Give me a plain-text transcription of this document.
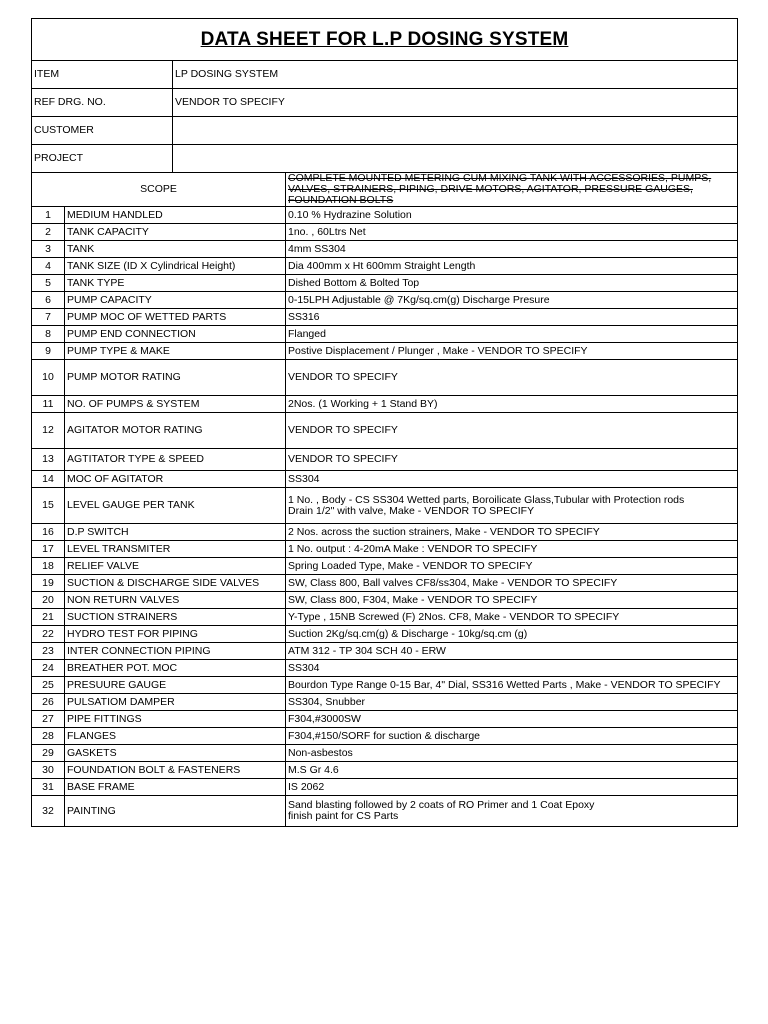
DATA SHEET FOR L.P DOSING SYSTEM			
ITEM		LP DOSING SYSTEM	
REF DRG. NO.		VENDOR TO SPECIFY	
CUSTOMER			
PROJECT			
SCOPE			COMPLETE MOUNTED METERING CUM MIXING TANK WITH ACCESSORIES, PUMPS, VALVES, STRAINERS, PIPING, DRIVE MOTORS, AGITATOR, PRESSURE GAUGES, FOUNDATION BOLTS
1	MEDIUM HANDLED		0.10 % Hydrazine Solution
2	TANK CAPACITY		1no. , 60Ltrs Net
3	TANK		4mm SS304
4	TANK SIZE (ID X Cylindrical Height)		Dia 400mm x Ht 600mm Straight Length
5	TANK TYPE		Dished Bottom & Bolted Top
6	PUMP CAPACITY		0-15LPH Adjustable @ 7Kg/sq.cm(g) Discharge Presure
7	PUMP MOC OF WETTED PARTS		SS316
8	PUMP END CONNECTION		Flanged
9	PUMP TYPE & MAKE		Postive Displacement / Plunger , Make - VENDOR TO SPECIFY
10	PUMP MOTOR RATING		VENDOR TO SPECIFY
11	NO. OF PUMPS & SYSTEM		2Nos. (1 Working + 1 Stand BY)
12	AGITATOR MOTOR RATING		VENDOR TO SPECIFY
13	AGTITATOR TYPE & SPEED		VENDOR TO SPECIFY
14	MOC OF AGITATOR		SS304
15	LEVEL GAUGE PER TANK		1 No. , Body - CS SS304 Wetted parts, Boroilicate Glass,Tubular with Protection rods
Drain 1/2" with valve, Make - VENDOR TO SPECIFY
16	D.P SWITCH		2 Nos. across the suction strainers, Make - VENDOR TO SPECIFY
17	LEVEL TRANSMITER		1 No. output : 4-20mA Make : VENDOR TO SPECIFY
18	RELIEF VALVE		Spring Loaded Type, Make - VENDOR TO SPECIFY
19	SUCTION & DISCHARGE SIDE VALVES		SW, Class 800, Ball valves CF8/ss304, Make - VENDOR TO SPECIFY
20	NON RETURN VALVES		SW, Class 800, F304, Make - VENDOR TO SPECIFY
21	SUCTION STRAINERS		Y-Type , 15NB Screwed (F) 2Nos. CF8, Make - VENDOR TO SPECIFY
22	HYDRO TEST FOR PIPING		Suction 2Kg/sq.cm(g) & Discharge - 10kg/sq.cm (g)
23	INTER CONNECTION PIPING		ATM 312 - TP 304 SCH 40 - ERW
24	BREATHER POT. MOC		SS304
25	PRESUURE GAUGE		Bourdon Type Range 0-15 Bar, 4" Dial, SS316 Wetted Parts , Make - VENDOR TO SPECIFY
26	PULSATIOM DAMPER		SS304, Snubber
27	PIPE FITTINGS		F304,#3000SW
28	FLANGES		F304,#150/SORF for suction & discharge
29	GASKETS		Non-asbestos
30	FOUNDATION BOLT & FASTENERS		M.S Gr 4.6
31	BASE FRAME		IS 2062
32	PAINTING		Sand blasting followed by 2 coats of RO Primer and 1 Coat Epoxy
finish paint for CS Parts
